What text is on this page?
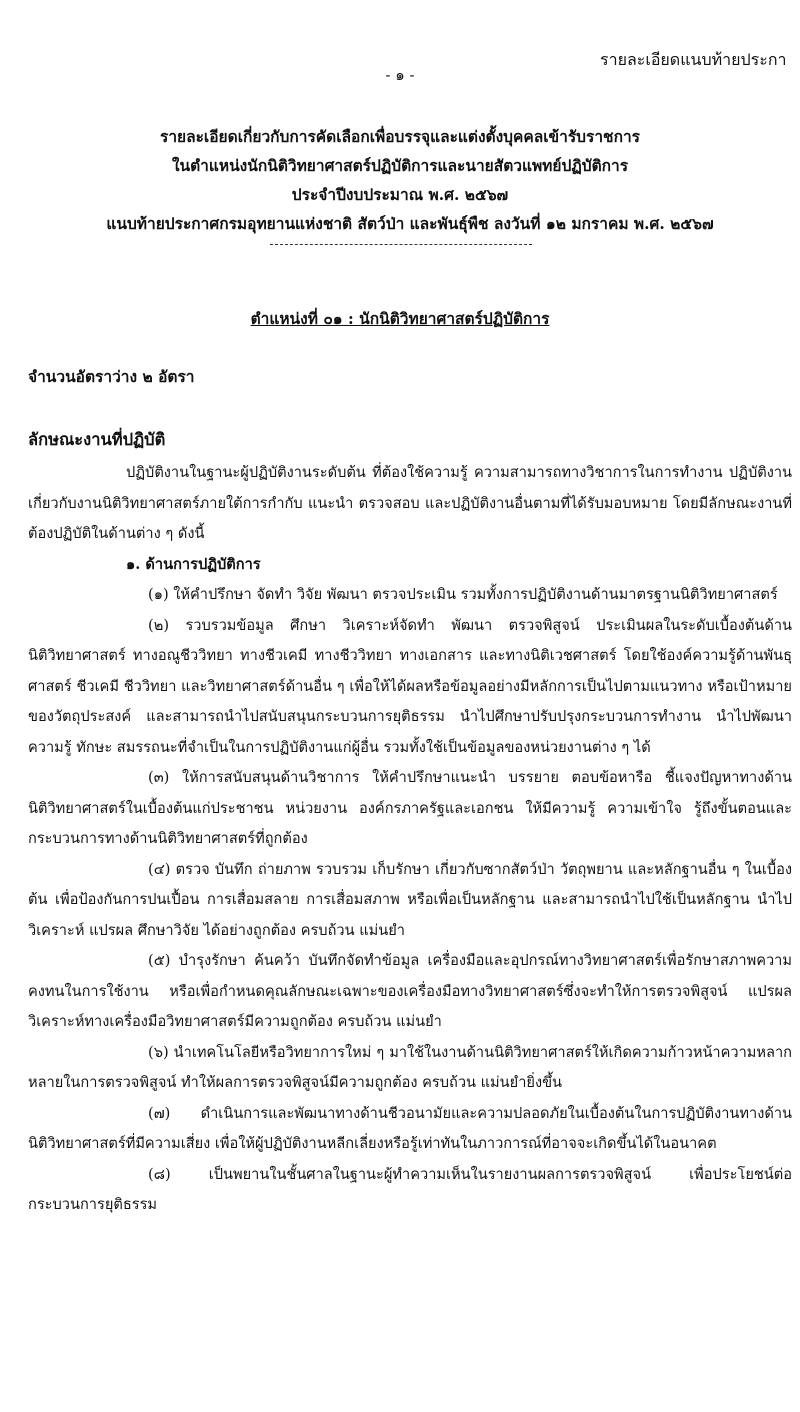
รายละเอียดแนบท้ายประกา
- ๑ -
รายละเอียดเกี่ยวกับการคัดเลือกเพื่อบรรจุและแต่งตั้งบุคคลเข้ารับราชการ
ในตำแหน่งนักนิติวิทยาศาสตร์ปฏิบัติการและนายสัตวแพทย์ปฏิบัติการ
ประจำปีงบประมาณ พ.ศ. ๒๕๖๗
แนบท้ายประกาศกรมอุทยานแห่งชาติ สัตว์ป่า และพันธุ์พืช ลงวันที่ ๑๒ มกราคม พ.ศ. ๒๕๖๗
ตำแหน่งที่ ๐๑ : นักนิติวิทยาศาสตร์ปฏิบัติการ
จำนวนอัตราว่าง ๒ อัตรา
ลักษณะงานที่ปฏิบัติ

ปฏิบัติงานในฐานะผู้ปฏิบัติงานระดับต้น ที่ต้องใช้ความรู้ ความสามารถทางวิชาการในการทำงาน ปฏิบัติงานเกี่ยวกับงานนิติวิทยาศาสตร์ภายใต้การกำกับ แนะนำ ตรวจสอบ และปฏิบัติงานอื่นตามที่ได้รับมอบหมาย โดยมีลักษณะงานที่ต้องปฏิบัติในด้านต่าง ๆ ดังนี้

๑. ด้านการปฏิบัติการ

(๑) ให้คำปรึกษา จัดทำ วิจัย พัฒนา ตรวจประเมิน รวมทั้งการปฏิบัติงานด้านมาตรฐานนิติวิทยาศาสตร์

(๒) รวบรวมข้อมูล ศึกษา วิเคราะห์จัดทำ พัฒนา ตรวจพิสูจน์ ประเมินผลในระดับเบื้องต้นด้านนิติวิทยาศาสตร์ ทางอณูชีววิทยา ทางชีวเคมี ทางชีววิทยา ทางเอกสาร และทางนิติเวชศาสตร์ โดยใช้องค์ความรู้ด้านพันธุศาสตร์ ชีวเคมี ชีววิทยา และวิทยาศาสตร์ด้านอื่น ๆ เพื่อให้ได้ผลหรือข้อมูลอย่างมีหลักการเป็นไปตามแนวทาง หรือเป้าหมายของวัตถุประสงค์ และสามารถนำไปสนับสนุนกระบวนการยุติธรรม นำไปศึกษาปรับปรุงกระบวนการทำงาน นำไปพัฒนาความรู้ ทักษะ สมรรถนะที่จำเป็นในการปฏิบัติงานแก่ผู้อื่น รวมทั้งใช้เป็นข้อมูลของหน่วยงานต่าง ๆ ได้

(๓) ให้การสนับสนุนด้านวิชาการ ให้คำปรึกษาแนะนำ บรรยาย ตอบข้อหารือ ชี้แจงปัญหาทางด้านนิติวิทยาศาสตร์ในเบื้องต้นแก่ประชาชน หน่วยงาน องค์กรภาครัฐและเอกชน ให้มีความรู้ ความเข้าใจ รู้ถึงขั้นตอนและกระบวนการทางด้านนิติวิทยาศาสตร์ที่ถูกต้อง

(๔) ตรวจ บันทึก ถ่ายภาพ รวบรวม เก็บรักษา เกี่ยวกับซากสัตว์ป่า วัตถุพยาน และหลักฐานอื่น ๆ ในเบื้องต้น เพื่อป้องกันการปนเปื้อน การเสื่อมสลาย การเสื่อมสภาพ หรือเพื่อเป็นหลักฐาน และสามารถนำไปใช้เป็นหลักฐาน นำไปวิเคราะห์ แปรผล ศึกษาวิจัย ได้อย่างถูกต้อง ครบถ้วน แม่นยำ

(๕) บำรุงรักษา ค้นคว้า บันทึกจัดทำข้อมูล เครื่องมือและอุปกรณ์ทางวิทยาศาสตร์เพื่อรักษาสภาพความคงทนในการใช้งาน หรือเพื่อกำหนดคุณลักษณะเฉพาะของเครื่องมือทางวิทยาศาสตร์ซึ่งจะทำให้การตรวจพิสูจน์ แปรผล วิเคราะห์ทางเครื่องมือวิทยาศาสตร์มีความถูกต้อง ครบถ้วน แม่นยำ

(๖) นำเทคโนโลยีหรือวิทยาการใหม่ ๆ มาใช้ในงานด้านนิติวิทยาศาสตร์ให้เกิดความก้าวหน้าความหลากหลายในการตรวจพิสูจน์ ทำให้ผลการตรวจพิสูจน์มีความถูกต้อง ครบถ้วน แม่นยำยิ่งขึ้น

(๗) ดำเนินการและพัฒนาทางด้านชีวอนามัยและความปลอดภัยในเบื้องต้นในการปฏิบัติงานทางด้านนิติวิทยาศาสตร์ที่มีความเสี่ยง เพื่อให้ผู้ปฏิบัติงานหลีกเลี่ยงหรือรู้เท่าทันในภาวการณ์ที่อาจจะเกิดขึ้นได้ในอนาคต

(๘) เป็นพยานในชั้นศาลในฐานะผู้ทำความเห็นในรายงานผลการตรวจพิสูจน์ เพื่อประโยชน์ต่อกระบวนการยุติธรรม
